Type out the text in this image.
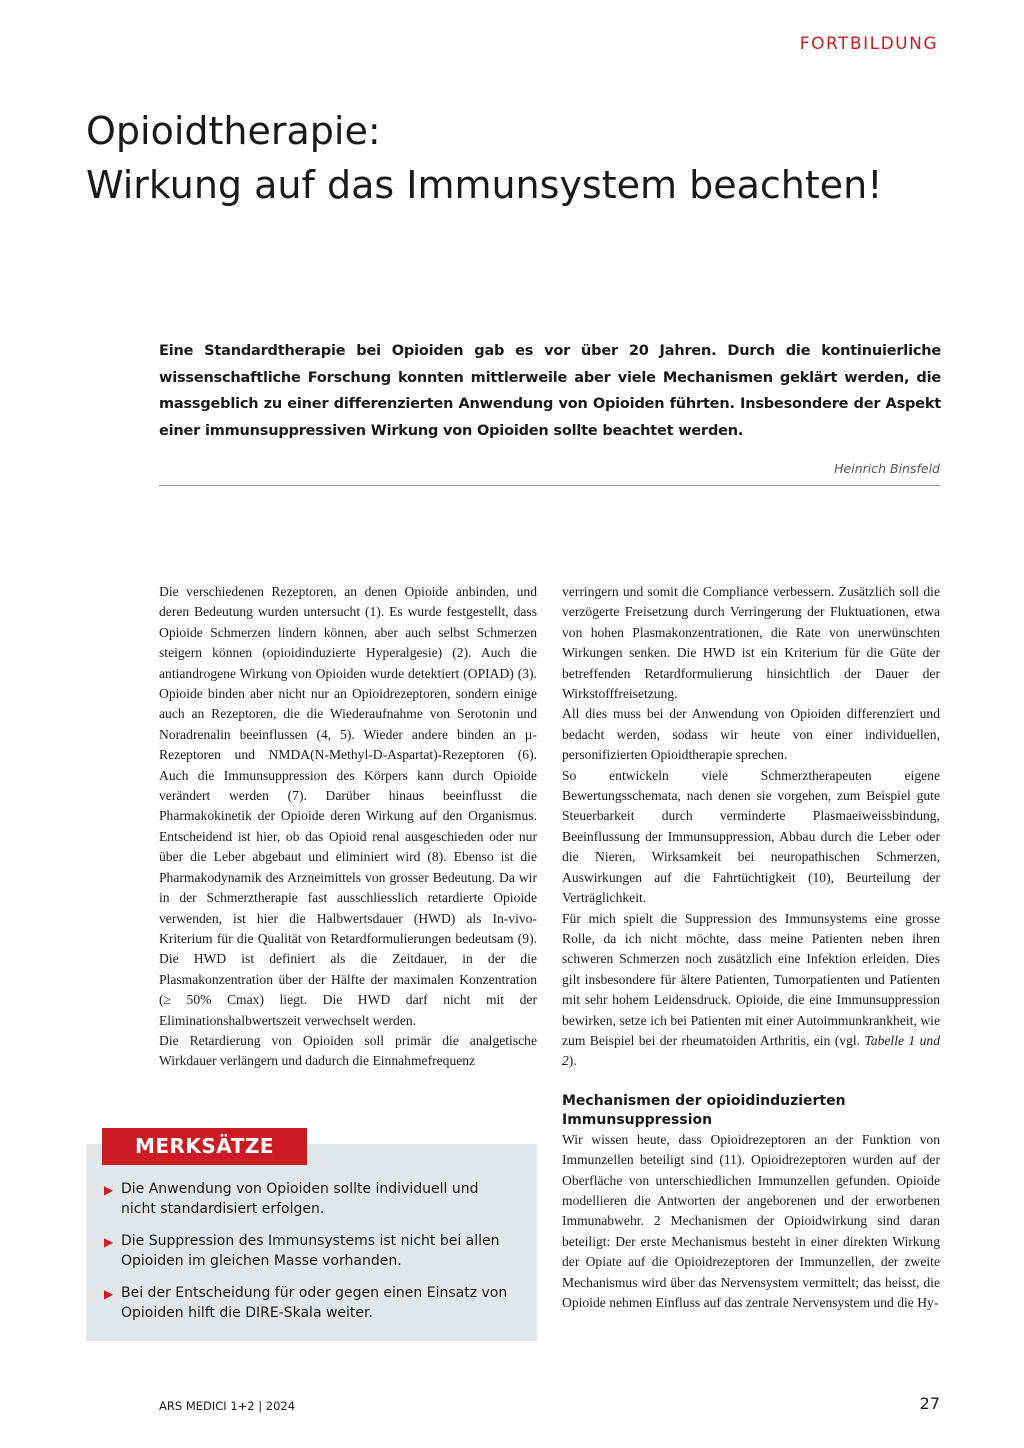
FORTBILDUNG
Opioidtherapie:
Wirkung auf das Immunsystem beachten!

Eine Standardtherapie bei Opioiden gab es vor über 20 Jahren. Durch die kontinuierliche wissenschaftliche Forschung konnten mittlerweile aber viele Mechanismen geklärt werden, die massgeblich zu einer differenzierten Anwendung von Opioiden führten. Insbesondere der Aspekt einer immunsuppressiven Wirkung von Opioiden sollte beachtet werden.

Heinrich Binsfeld

Die verschiedenen Rezeptoren, an denen Opioide anbinden, und deren Bedeutung wurden untersucht (1). Es wurde festgestellt, dass Opioide Schmerzen lindern können, aber auch selbst Schmerzen steigern können (opioidinduzierte Hyperalgesie) (2). Auch die antiandrogene Wirkung von Opioiden wurde detektiert (OPIAD) (3). Opioide binden aber nicht nur an Opioidrezeptoren, sondern einige auch an Rezeptoren, die die Wiederaufnahme von Serotonin und Noradrenalin beeinflussen (4, 5). Wieder andere binden an µ-Rezeptoren und NMDA(N-Methyl-D-Aspartat)-Rezeptoren (6). Auch die Immunsuppression des Körpers kann durch Opioide verändert werden (7). Darüber hinaus beeinflusst die Pharmakokinetik der Opioide deren Wirkung auf den Organismus. Entscheidend ist hier, ob das Opioid renal ausgeschieden oder nur über die Leber abgebaut und eliminiert wird (8). Ebenso ist die Pharmakodynamik des Arzneimittels von grosser Bedeutung. Da wir in der Schmerztherapie fast ausschliesslich retardierte Opioide verwenden, ist hier die Halbwertsdauer (HWD) als In-vivo-Kriterium für die Qualität von Retardformulierungen bedeutsam (9). Die HWD ist definiert als die Zeitdauer, in der die Plasmakonzentration über der Hälfte der maximalen Konzentration (≥ 50% Cmax) liegt. Die HWD darf nicht mit der Eliminationshalbwertszeit verwechselt werden.

Die Retardierung von Opioiden soll primär die analgetische Wirkdauer verlängern und dadurch die Einnahmefrequenz

verringern und somit die Compliance verbessern. Zusätzlich soll die verzögerte Freisetzung durch Verringerung der Fluktuationen, etwa von hohen Plasmakonzentrationen, die Rate von unerwünschten Wirkungen senken. Die HWD ist ein Kriterium für die Güte der betreffenden Retardformulierung hinsichtlich der Dauer der Wirkstofffreisetzung.

All dies muss bei der Anwendung von Opioiden differenziert und bedacht werden, sodass wir heute von einer individuellen, personifizierten Opioidtherapie sprechen.

So entwickeln viele Schmerztherapeuten eigene Bewertungsschemata, nach denen sie vorgehen, zum Beispiel gute Steuerbarkeit durch verminderte Plasmaeiweissbindung, Beeinflussung der Immunsuppression, Abbau durch die Leber oder die Nieren, Wirksamkeit bei neuropathischen Schmerzen, Auswirkungen auf die Fahrtüchtigkeit (10), Beurteilung der Verträglichkeit.

Für mich spielt die Suppression des Immunsystems eine grosse Rolle, da ich nicht möchte, dass meine Patienten neben ihren schweren Schmerzen noch zusätzlich eine Infektion erleiden. Dies gilt insbesondere für ältere Patienten, Tumorpatienten und Patienten mit sehr hohem Leidensdruck. Opioide, die eine Immunsuppression bewirken, setze ich bei Patienten mit einer Autoimmunkrankheit, wie zum Beispiel bei der rheumatoiden Arthritis, ein (vgl. Tabelle 1 und 2).

Mechanismen der opioidinduzierten Immunsuppression

Wir wissen heute, dass Opioidrezeptoren an der Funktion von Immunzellen beteiligt sind (11). Opioidrezeptoren wurden auf der Oberfläche von unterschiedlichen Immunzellen gefunden. Opioide modellieren die Antworten der angeborenen und der erworbenen Immunabwehr. 2 Mechanismen der Opioidwirkung sind daran beteiligt: Der erste Mechanismus besteht in einer direkten Wirkung der Opiate auf die Opioidrezeptoren der Immunzellen, der zweite Mechanismus wird über das Nervensystem vermittelt; das heisst, die Opioide nehmen Einfluss auf das zentrale Nervensystem und die Hy-

MERKSÄTZE
▶ Die Anwendung von Opioiden sollte individuell und nicht standardisiert erfolgen.
▶ Die Suppression des Immunsystems ist nicht bei allen Opioiden im gleichen Masse vorhanden.
▶ Bei der Entscheidung für oder gegen einen Einsatz von Opioiden hilft die DIRE-Skala weiter.
ARS MEDICI 1+2 | 2024	27
